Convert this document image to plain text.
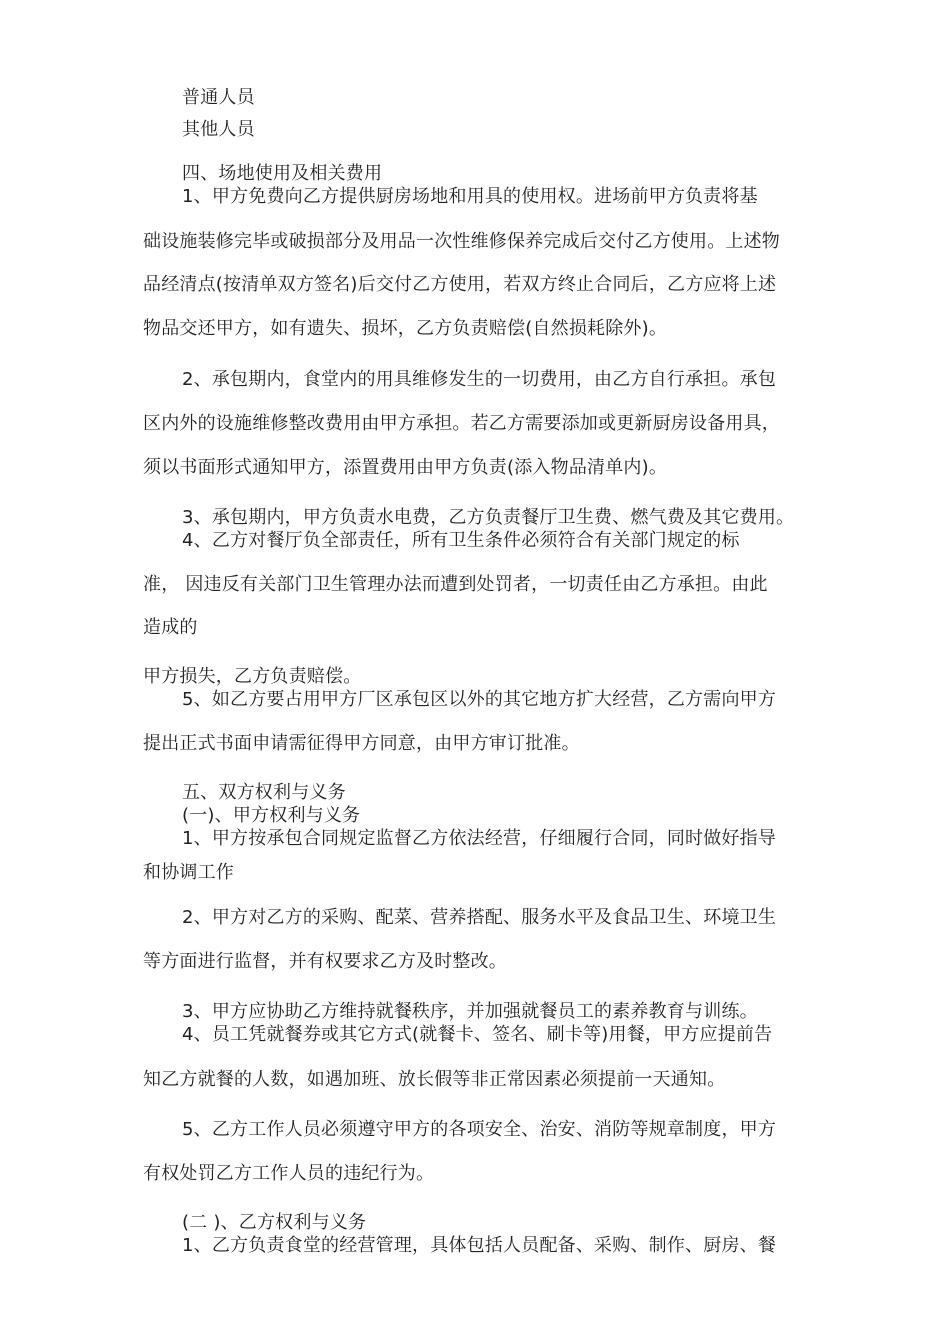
普通人员

其他人员

四、场地使用及相关费用

1、甲方免费向乙方提供厨房场地和用具的使用权。进场前甲方负责将基

础设施装修完毕或破损部分及用品一次性维修保养完成后交付乙方使用。上述物

品经清点(按清单双方签名)后交付乙方使用，若双方终止合同后，乙方应将上述

物品交还甲方，如有遗失、损坏，乙方负责赔偿(自然损耗除外)。

2、承包期内，食堂内的用具维修发生的一切费用，由乙方自行承担。承包

区内外的设施维修整改费用由甲方承担。若乙方需要添加或更新厨房设备用具，

须以书面形式通知甲方，添置费用由甲方负责(添入物品清单内)。

3、承包期内，甲方负责水电费，乙方负责餐厅卫生费、燃气费及其它费用。

4、乙方对餐厅负全部责任，所有卫生条件必须符合有关部门规定的标

准， 因违反有关部门卫生管理办法而遭到处罚者，一切责任由乙方承担。由此

造成的

甲方损失，乙方负责赔偿。

5、如乙方要占用甲方厂区承包区以外的其它地方扩大经营，乙方需向甲方

提出正式书面申请需征得甲方同意，由甲方审订批准。

五、双方权利与义务

(一)、甲方权利与义务

1、甲方按承包合同规定监督乙方依法经营，仔细履行合同，同时做好指导

和协调工作

2、甲方对乙方的采购、配菜、营养搭配、服务水平及食品卫生、环境卫生

等方面进行监督，并有权要求乙方及时整改。

3、甲方应协助乙方维持就餐秩序，并加强就餐员工的素养教育与训练。

4、员工凭就餐券或其它方式(就餐卡、签名、刷卡等)用餐，甲方应提前告

知乙方就餐的人数，如遇加班、放长假等非正常因素必须提前一天通知。

5、乙方工作人员必须遵守甲方的各项安全、治安、消防等规章制度，甲方

有权处罚乙方工作人员的违纪行为。

(二 )、乙方权利与义务

1、乙方负责食堂的经营管理，具体包括人员配备、采购、制作、厨房、餐
